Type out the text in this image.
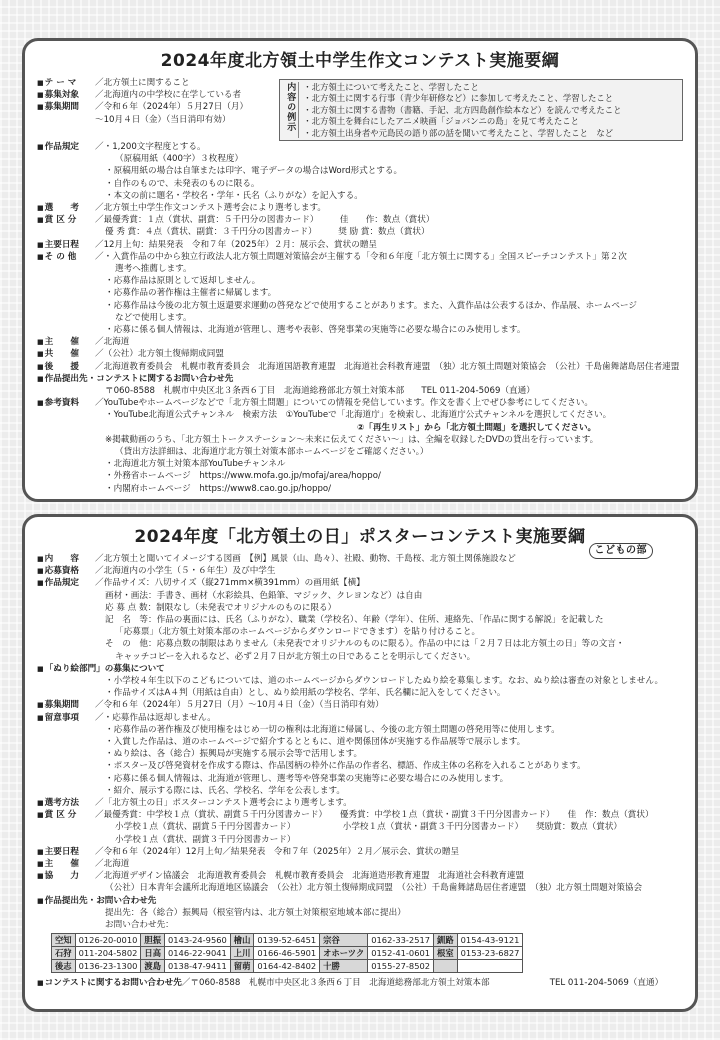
2024年度北方領土中学生作文コンテスト実施要綱
■ テ ー マ	／北方領土に関すること
■ 募集対象	／北海道内の中学校に在学している者
■ 募集期間	／令和６年（2024年）５月27日（月）
〜10月４日（金）（当日消印有効）	内容の例示	・ 北方領土について考えたこと、学習したこと
・ 北方領土に関する行事（青少年研修など）に参加して考えたこと、学習したこと
・ 北方領土に関する書物（書籍、手記、北方四島創作絵本など）を読んで考えたこと
・ 北方領土を舞台にしたアニメ映画「ジョバンニの島」を見て考えたこと
・ 北方領土出身者や元島民の語り部の話を聞いて考えたこと、学習したこと　など
■ 作品規定	／・1,200文字程度とする。
（原稿用紙（400字）３枚程度）
・原稿用紙の場合は自筆または印字、電子データの場合はWord形式とする。
・自作のもので、未発表のものに限る。
・本文の前に題名・学校名・学年・氏名（ふりがな）を記入する。
■ 選　　考	／北方領土中学生作文コンテスト選考会により選考します。
■ 賞 区 分	／最優秀賞：１点（賞状、副賞：５千円分の図書カード）　　　佳　　作：数点（賞状）
優 秀 賞：４点（賞状、副賞：３千円分の図書カード）　　　奨 励 賞：数点（賞状）
■ 主要日程	／12月上旬：結果発表　令和７年（2025年）２月：展示会、賞状の贈呈
■ そ の 他	／・入賞作品の中から独立行政法人北方領土問題対策協会が主催する「令和６年度「北方領土に関する」全国スピーチコンテスト」第２次
選考へ推薦します。
・応募作品は原則として返却しません。
・応募作品の著作権は主催者に帰属します。
・応募作品は今後の北方領土返還要求運動の啓発などで使用することがあります。また、入賞作品は公表するほか、作品展、ホームページ
などで使用します。
・応募に係る個人情報は、北海道が管理し、選考や表彰、啓発事業の実施等に必要な場合にのみ使用します。
■ 主　　催	／北海道
■ 共　　催	／（公社）北方領土復帰期成同盟
■ 後　　援	／北海道教育委員会　札幌市教育委員会　北海道国語教育連盟　北海道社会科教育連盟　（独）北方領土問題対策協会　（公社）千島歯舞諸島居住者連盟
■ 作品提出先・コンテストに関するお問い合わせ先
〒060-8588　札幌市中央区北３条西６丁目　北海道総務部北方領土対策本部　　TEL 011-204-5069（直通）
■ 参考資料	／YouTubeやホームページなどで「北方領土問題」についての情報を発信しています。作文を書く上でぜひ参考にしてください。
・YouTube北海道公式チャンネル　検索方法　①YouTubeで「北海道庁」を検索し、北海道庁公式チャンネルを選択してください。
②「再生リスト」から「北方領土問題」を選択してください。
※掲載動画のうち、「北方領土トークステーション〜未来に伝えてください〜」は、全編を収録したDVDの貸出を行っています。
（貸出方法詳細は、北海道庁北方領土対策本部ホームページをご確認ください。）
・北海道北方領土対策本部YouTubeチャンネル
・外務省ホームページ　https://www.mofa.go.jp/mofaj/area/hoppo/
・内閣府ホームページ　https://www8.cao.go.jp/hoppo/
2024年度「北方領土の日」ポスターコンテスト実施要綱
こどもの部
■ 内　　容	／北方領土と聞いてイメージする図画　【例】風景（山、島々）、社殿、動物、千島桜、北方領土関係施設など
■ 応募資格	／北海道内の小学生（５・６年生）及び中学生
■ 作品規定	／作品サイズ：八切サイズ（縦271mm×横391mm）の画用紙【横】
画材・画法：手書き、画材（水彩絵具、色鉛筆、マジック、クレヨンなど）は自由
応 募 点 数：制限なし（未発表でオリジナルのものに限る）
記　名　等：作品の裏面には、氏名（ふりがな）、職業（学校名）、年齢（学年）、住所、連絡先、「作品に関する解説」を記載した
「応募票」（北方領土対策本部のホームページからダウンロードできます）を貼り付けること。
そ　の　他：応募点数の制限はありません（未発表でオリジナルのものに限る）。作品の中には「２月７日は北方領土の日」等の文言・
キャッチコピーを入れるなど、必ず２月７日が北方領土の日であることを明示してください。
■ 「ぬり絵部門」の募集について
・小学校４年生以下のこどもについては、道のホームページからダウンロードしたぬり絵を募集します。なお、ぬり絵は審査の対象としません。
・作品サイズはA４判（用紙は自由）とし、ぬり絵用紙の学校名、学年、氏名欄に記入をしてください。
■ 募集期間	／令和６年（2024年）５月27日（月）〜10月４日（金）（当日消印有効）
■ 留意事項	／・応募作品は返却しません。
・応募作品の著作権及び使用権をはじめ一切の権利は北海道に帰属し、今後の北方領土問題の啓発用等に使用します。
・入賞した作品は、道のホームページで紹介するとともに、道や関係団体が実施する作品展等で展示します。
・ぬり絵は、各（総合）振興局が実施する展示会等で活用します。
・ポスター及び啓発資材を作成する際は、作品図柄の枠外に作品の作者名、標語、作成主体の名称を入れることがあります。
・応募に係る個人情報は、北海道が管理し、選考等や啓発事業の実施等に必要な場合にのみ使用します。
・紹介、展示する際には、氏名、学校名、学年を公表します。
■ 選考方法	／「北方領土の日」ポスターコンテスト選考会により選考します。
■ 賞 区 分	／最優秀賞：中学校１点（賞状、副賞５千円分図書カード）　　優秀賞：中学校１点（賞状・副賞３千円分図書カード）　　佳　作：数点（賞状）
小学校１点（賞状、副賞５千円分図書カード）　　　　　　小学校１点（賞状・副賞３千円分図書カード）　　奨励賞：数点（賞状）
小学校１点（賞状、副賞３千円分図書カード）
■ 主要日程	／令和６年（2024年）12月上旬／結果発表　令和７年（2025年）２月／展示会、賞状の贈呈
■ 主　　催	／北海道
■ 協　　力	／北海道デザイン協議会　北海道教育委員会　札幌市教育委員会　北海道造形教育連盟　北海道社会科教育連盟
（公社）日本青年会議所北海道地区協議会　（公社）北方領土復帰期成同盟　（公社）千島歯舞諸島居住者連盟　（独）北方領土問題対策協会
■ 作品提出先・お問い合わせ先
提出先：各（総合）振興局（根室管内は、北方領土対策根室地域本部に提出）
お問い合わせ先：
空知	0126-20-0010	胆振	0143-24-9560	檜山	0139-52-6451	宗谷	0162-33-2517	釧路	0154-43-9121
石狩	011-204-5802	日高	0146-22-9041	上川	0166-46-5901	オホーツク	0152-41-0601	根室	0153-23-6827
後志	0136-23-1300	渡島	0138-47-9411	留萌	0164-42-8402	十勝	0155-27-8502		
■ コンテストに関するお問い合わせ先 ／〒060-8588　札幌市中央区北３条西６丁目　北海道総務部北方領土対策本部　　　　　　　TEL 011-204-5069（直通）
